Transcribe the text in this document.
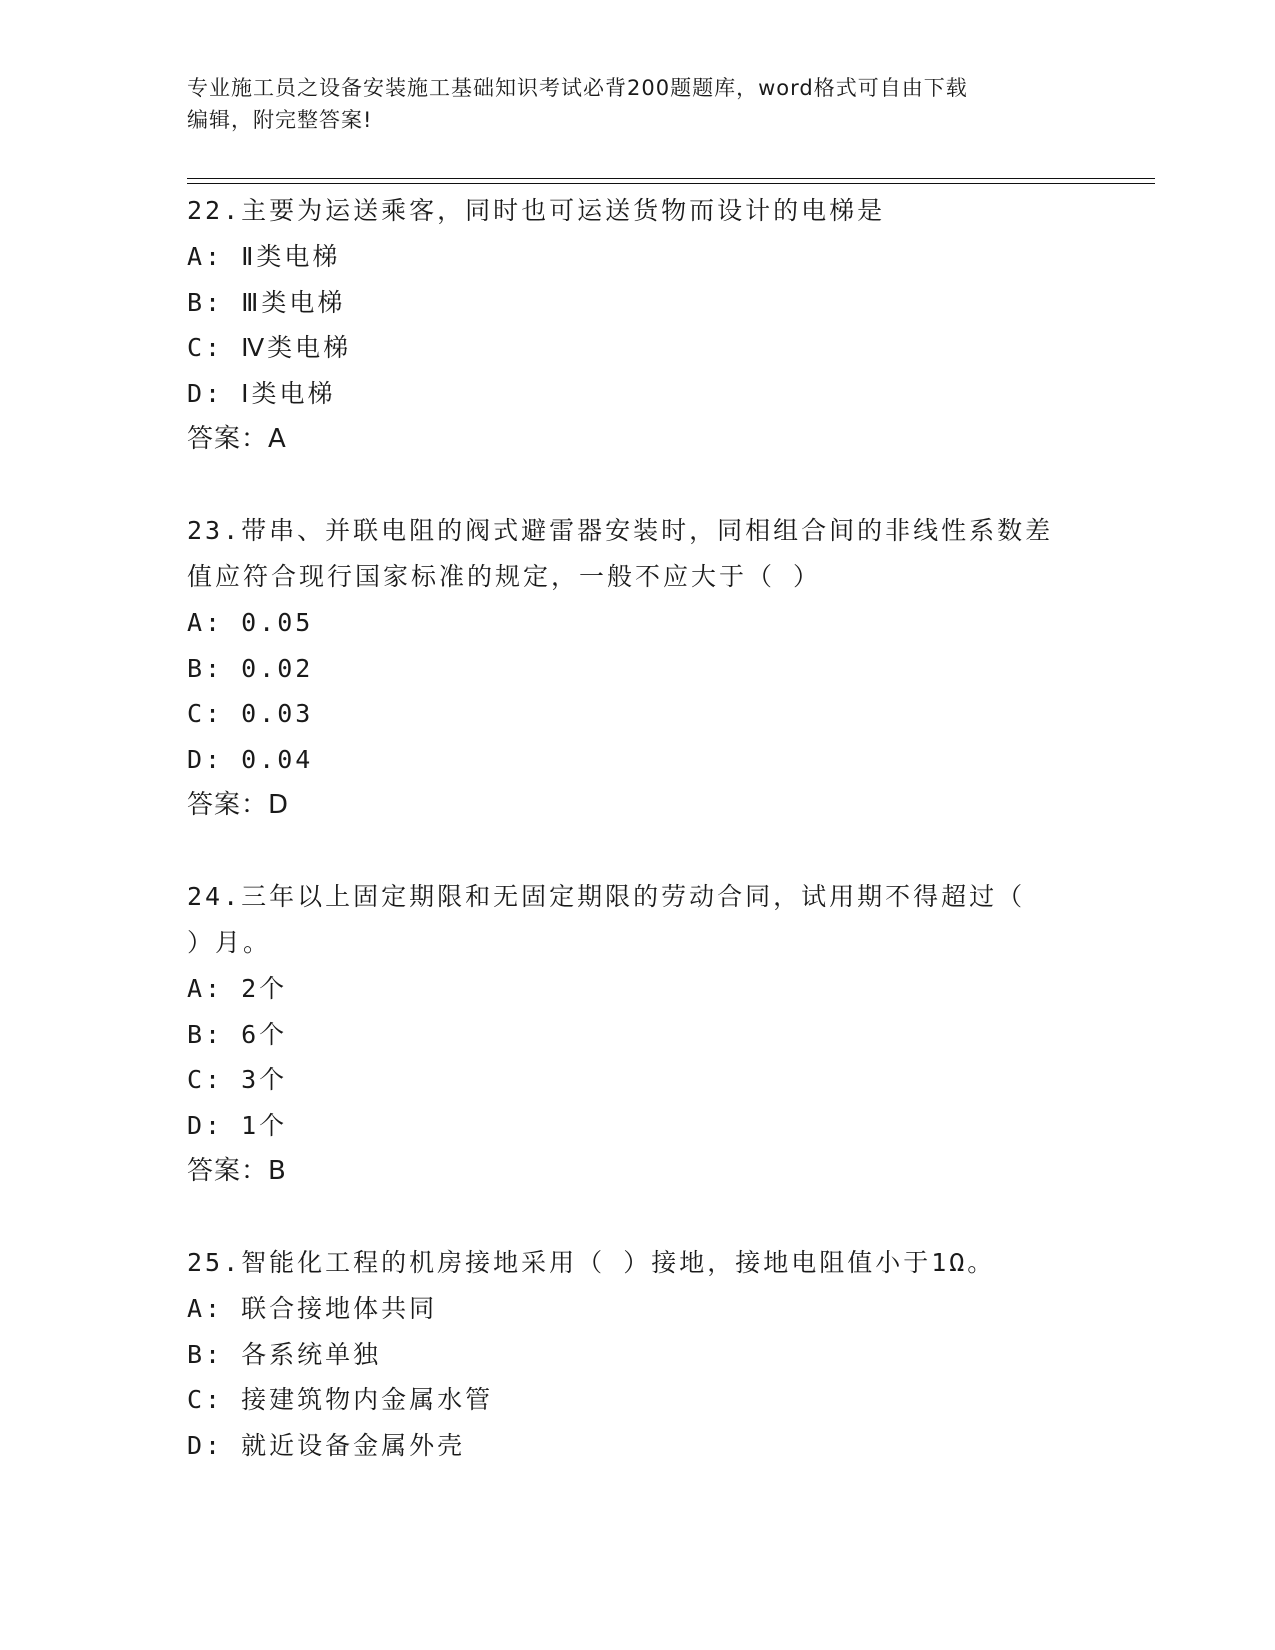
专业施工员之设备安装施工基础知识考试必背200题题库，word格式可自由下载
编辑，附完整答案!
22.主要为运送乘客，同时也可运送货物而设计的电梯是
A: Ⅱ类电梯
B: Ⅲ类电梯
C: Ⅳ类电梯
D: Ⅰ类电梯
答案：A
23.带串、并联电阻的阀式避雷器安装时，同相组合间的非线性系数差
值应符合现行国家标准的规定，一般不应大于（ ）
A: 0.05
B: 0.02
C: 0.03
D: 0.04
答案：D
24.三年以上固定期限和无固定期限的劳动合同，试用期不得超过（
）月。
A: 2个
B: 6个
C: 3个
D: 1个
答案：B
25.智能化工程的机房接地采用（ ）接地，接地电阻值小于1Ω。
A: 联合接地体共同
B: 各系统单独
C: 接建筑物内金属水管
D: 就近设备金属外壳
